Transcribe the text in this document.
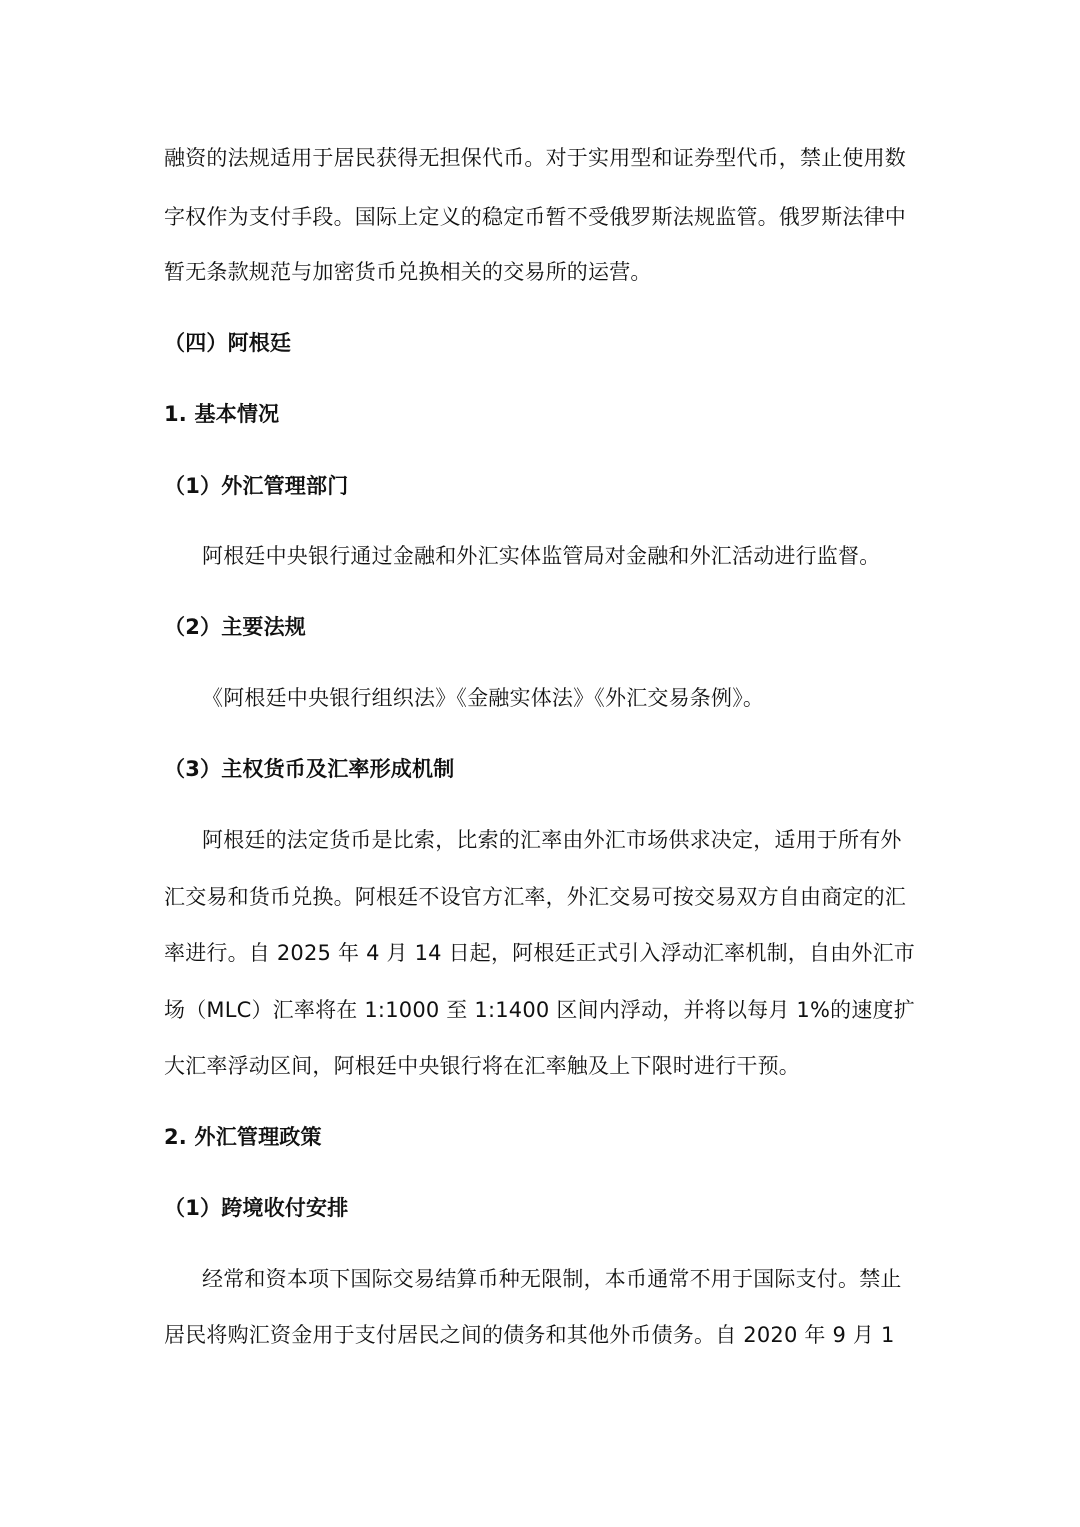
融资的法规适用于居民获得无担保代币。对于实用型和证券型代币，禁止使用数
字权作为支付手段。国际上定义的稳定币暂不受俄罗斯法规监管。俄罗斯法律中
暂无条款规范与加密货币兑换相关的交易所的运营。
（四）阿根廷
1. 基本情况
（1）外汇管理部门
阿根廷中央银行通过金融和外汇实体监管局对金融和外汇活动进行监督。
（2）主要法规
《阿根廷中央银行组织法》《金融实体法》《外汇交易条例》。
（3）主权货币及汇率形成机制
阿根廷的法定货币是比索，比索的汇率由外汇市场供求决定，适用于所有外
汇交易和货币兑换。阿根廷不设官方汇率，外汇交易可按交易双方自由商定的汇
率进行。自 2025 年 4 月 14 日起，阿根廷正式引入浮动汇率机制，自由外汇市
场（MLC）汇率将在 1:1000 至 1:1400 区间内浮动，并将以每月 1%的速度扩
大汇率浮动区间，阿根廷中央银行将在汇率触及上下限时进行干预。
2. 外汇管理政策
（1）跨境收付安排
经常和资本项下国际交易结算币种无限制，本币通常不用于国际支付。禁止
居民将购汇资金用于支付居民之间的债务和其他外币债务。自 2020 年 9 月 1
